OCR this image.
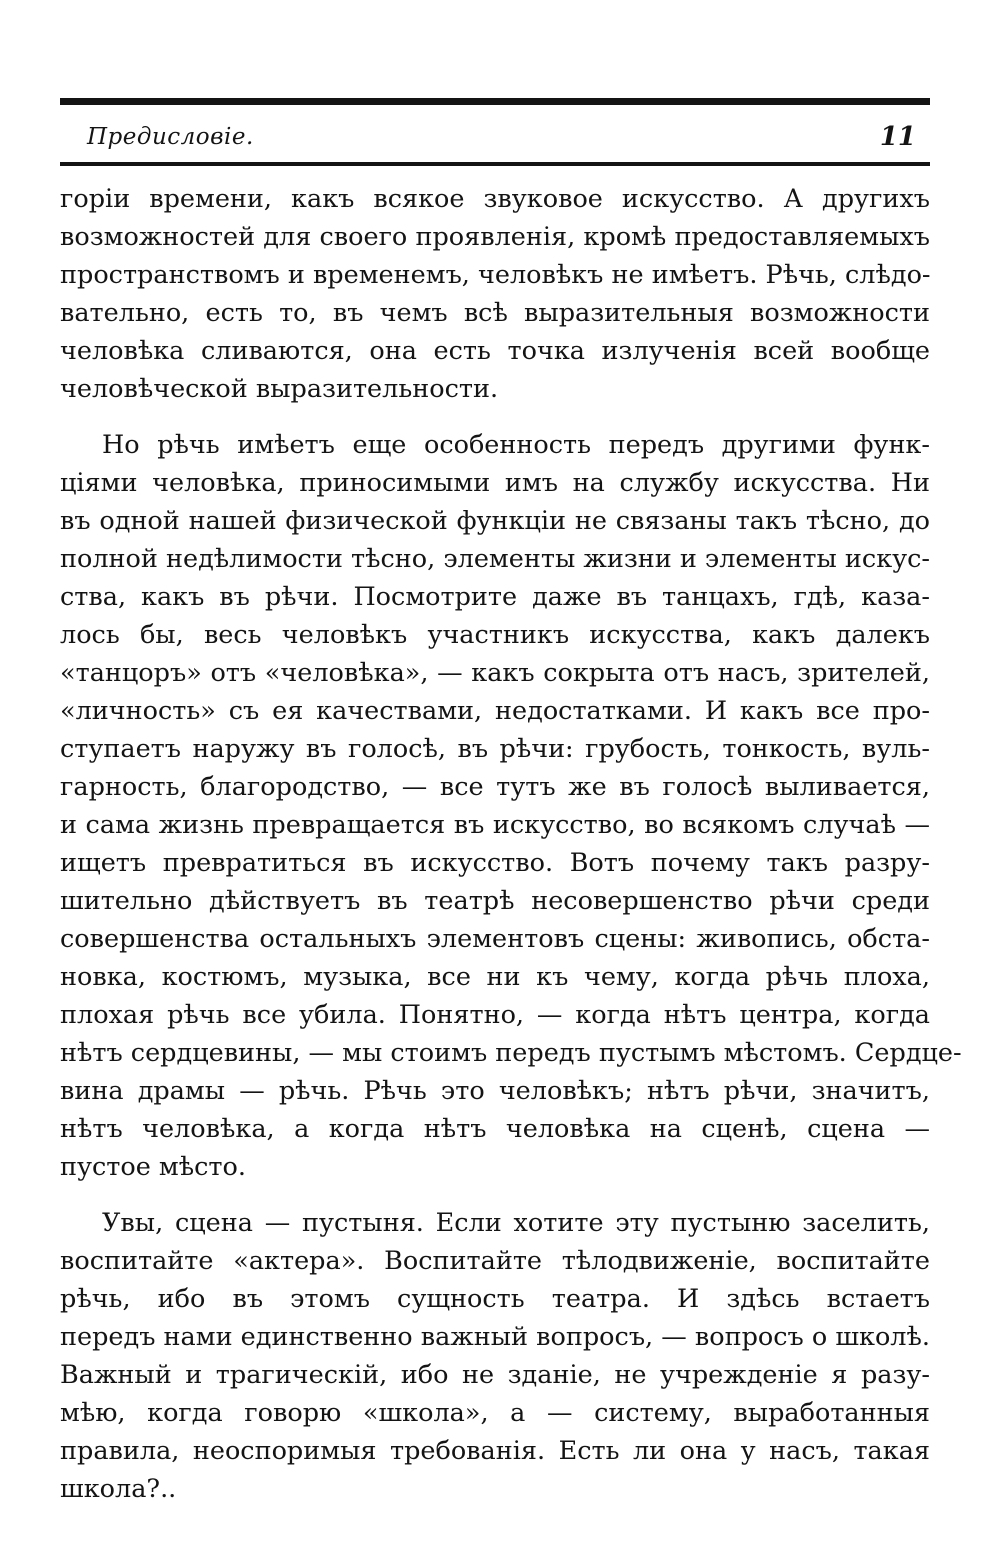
Предисловіе.	11
горіи времени, какъ всякое звуковое искусство. А другихъ
возможностей для своего проявленія, кромѣ предоставляемыхъ
пространствомъ и временемъ, человѣкъ не имѣетъ. Рѣчь, слѣдо-
вательно, есть то, въ чемъ всѣ выразительныя возможности
человѣка сливаются, она есть точка излученія всей вообще
человѣческой выразительности.
Но рѣчь имѣетъ еще особенность передъ другими функ-
ціями человѣка, приносимыми имъ на службу искусства. Ни
въ одной нашей физической функціи не связаны такъ тѣсно, до
полной недѣлимости тѣсно, элементы жизни и элементы искус-
ства, какъ въ рѣчи. Посмотрите даже въ танцахъ, гдѣ, каза-
лось бы, весь человѣкъ участникъ искусства, какъ далекъ
«танцоръ» отъ «человѣка», — какъ сокрыта отъ насъ, зрителей,
«личность» съ ея качествами, недостатками. И какъ все про-
ступаетъ наружу въ голосѣ, въ рѣчи: грубость, тонкость, вуль-
гарность, благородство, — все тутъ же въ голосѣ выливается,
и сама жизнь превращается въ искусство, во всякомъ случаѣ —
ищетъ превратиться въ искусство. Вотъ почему такъ разру-
шительно дѣйствуетъ въ театрѣ несовершенство рѣчи среди
совершенства остальныхъ элементовъ сцены: живопись, обста-
новка, костюмъ, музыка, все ни къ чему, когда рѣчь плоха,
плохая рѣчь все убила. Понятно, — когда нѣтъ центра, когда
нѣтъ сердцевины, — мы стоимъ передъ пустымъ мѣстомъ. Сердце-
вина драмы — рѣчь. Рѣчь это человѣкъ; нѣтъ рѣчи, значитъ,
нѣтъ человѣка, а когда нѣтъ человѣка на сценѣ, сцена —
пустое мѣсто.
Увы, сцена — пустыня. Если хотите эту пустыню заселить,
воспитайте «актера». Воспитайте тѣлодвиженіе, воспитайте
рѣчь, ибо въ этомъ сущность театра. И здѣсь встаетъ
передъ нами единственно важный вопросъ, — вопросъ о школѣ.
Важный и трагическій, ибо не зданіе, не учрежденіе я разу-
мѣю, когда говорю «школа», а — систему, выработанныя
правила, неоспоримыя требованія. Есть ли она у насъ, такая
школа?..
